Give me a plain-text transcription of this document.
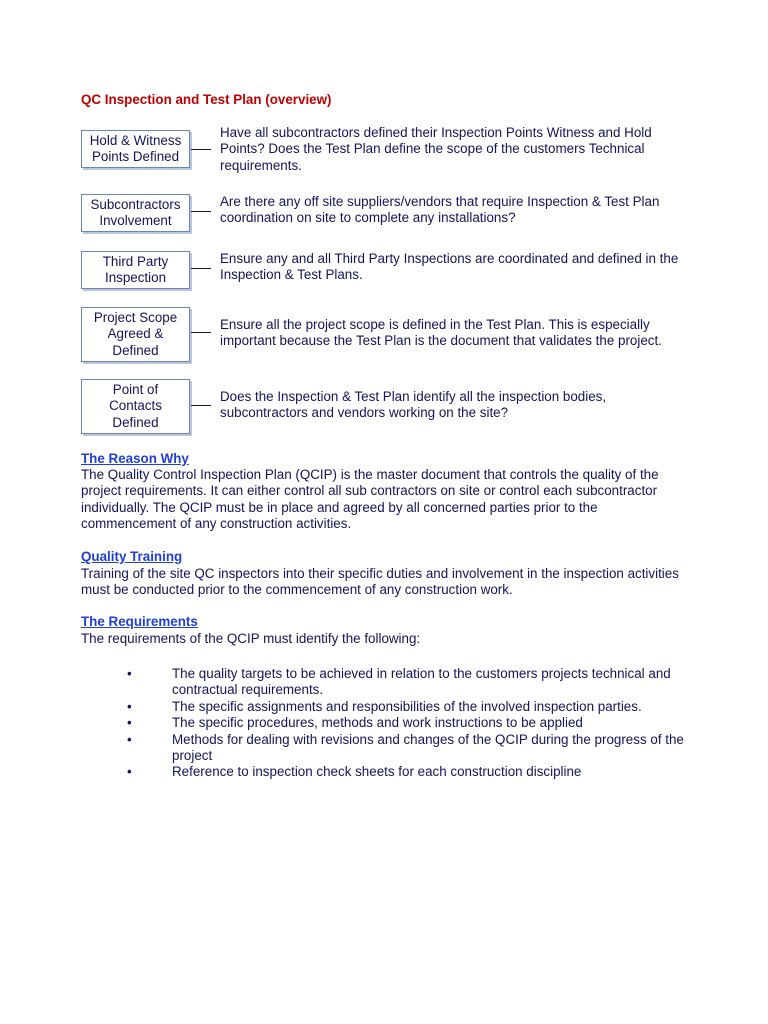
QC Inspection and Test Plan (overview)
Hold & Witness Points Defined
Have all subcontractors defined their Inspection Points Witness and Hold Points? Does the Test Plan define the scope of the customers Technical requirements.
Subcontractors Involvement
Are there any off site suppliers/vendors that require Inspection & Test Plan coordination on site to complete any installations?
Third Party Inspection
Ensure any and all Third Party Inspections are coordinated and defined in the Inspection & Test Plans.
Project Scope Agreed & Defined
Ensure all the project scope is defined in the Test Plan. This is especially important because the Test Plan is the document that validates the project.
Point of Contacts Defined
Does the Inspection & Test Plan identify all the inspection bodies, subcontractors and vendors working on the site?
The Reason Why
The Quality Control Inspection Plan (QCIP) is the master document that controls the quality of the project requirements. It can either control all sub contractors on site or control each subcontractor individually. The QCIP must be in place and agreed by all concerned parties prior to the commencement of any construction activities.
Quality Training
Training of the site QC inspectors into their specific duties and involvement in the inspection activities must be conducted prior to the commencement of any construction work.
The Requirements
The requirements of the QCIP must identify the following:
•	The quality targets to be achieved in relation to the customers projects technical and contractual requirements.
•	The specific assignments and responsibilities of the involved inspection parties.
•	The specific procedures, methods and work instructions to be applied
•	Methods for dealing with revisions and changes of the QCIP during the progress of the project
•	Reference to inspection check sheets for each construction discipline
